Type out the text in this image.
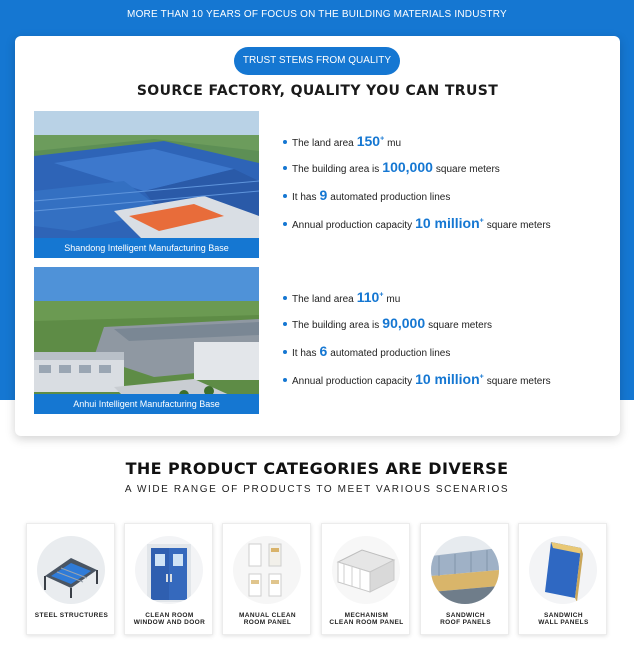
MORE THAN 10 YEARS OF FOCUS ON THE BUILDING MATERIALS INDUSTRY
TRUST STEMS FROM QUALITY
SOURCE FACTORY, QUALITY YOU CAN TRUST
Shandong Intelligent Manufacturing Base
The land area 150+ mu
The building area is 100,000 square meters
It has 9 automated production lines
Annual production capacity 10 million+ square meters
Anhui Intelligent Manufacturing Base
The land area 110+ mu
The building area is 90,000 square meters
It has 6 automated production lines
Annual production capacity 10 million+ square meters
THE PRODUCT CATEGORIES ARE DIVERSE
A WIDE RANGE OF PRODUCTS TO MEET VARIOUS SCENARIOS
STEEL STRUCTURES	CLEAN ROOM
WINDOW AND DOOR
MANUAL CLEAN
ROOM PANEL
MECHANISM
CLEAN ROOM PANEL
SANDWICH
ROOF PANELS
SANDWICH
WALL PANELS
